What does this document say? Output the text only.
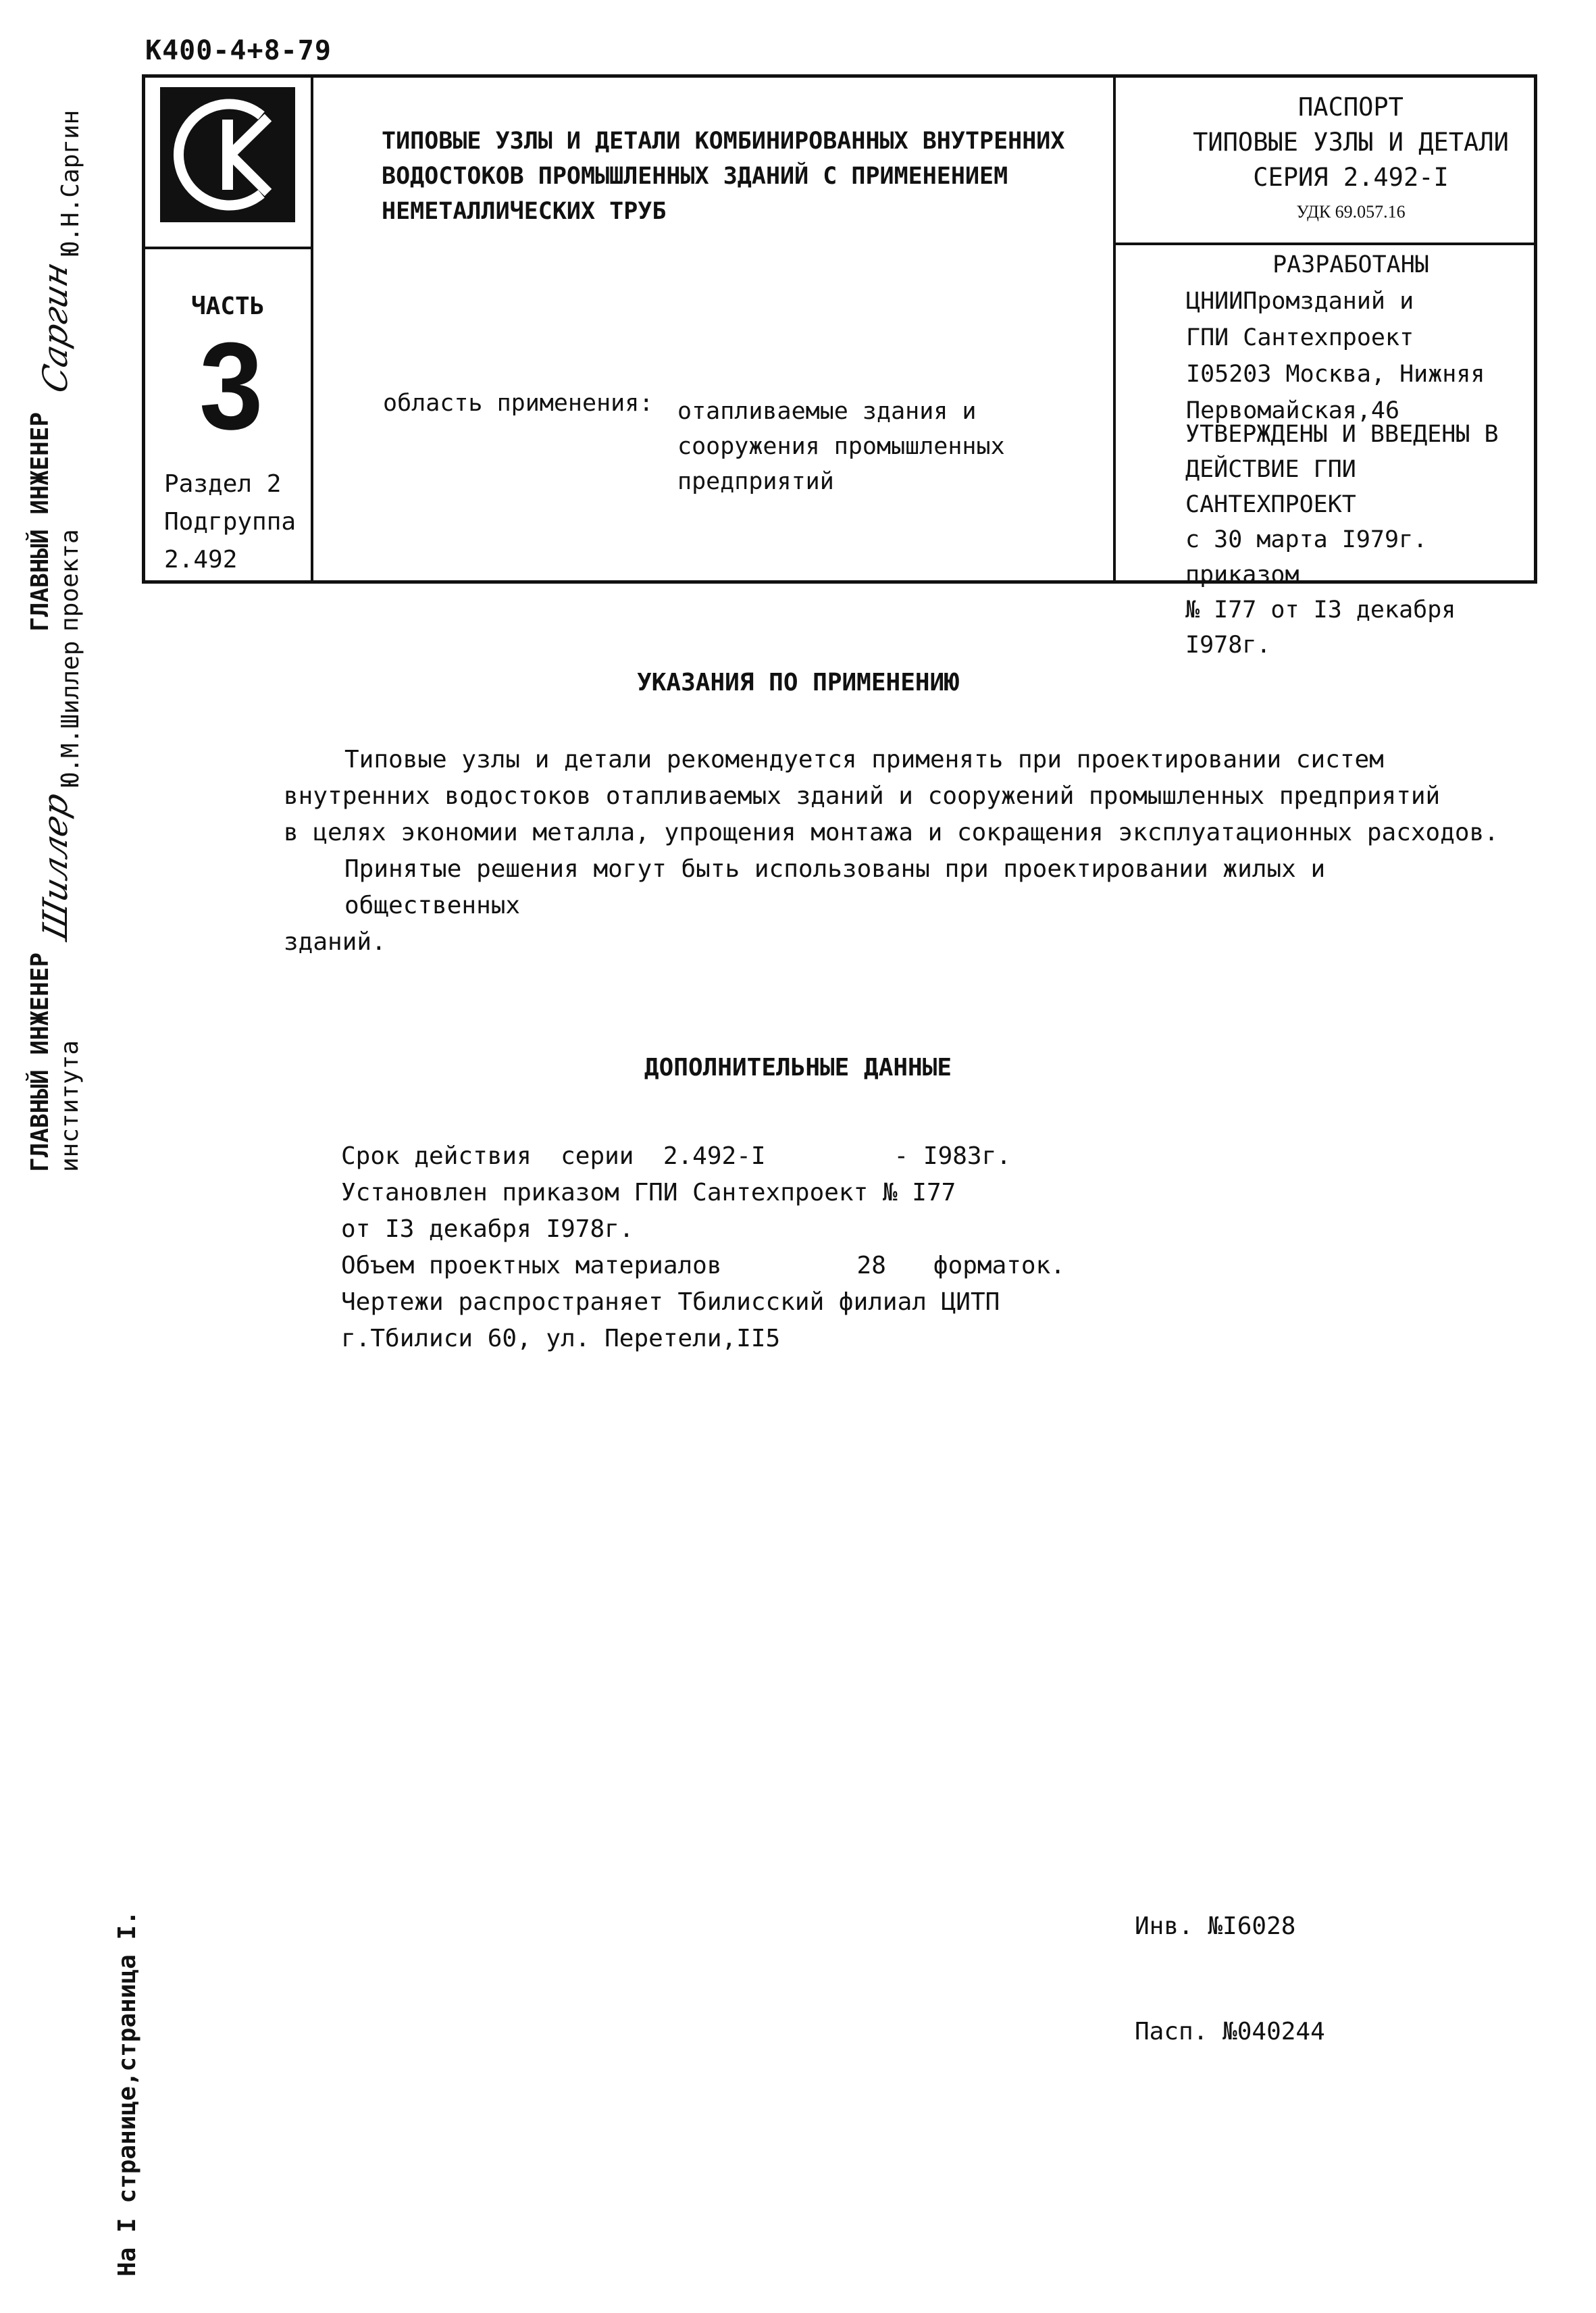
К400-4+8-79
ЧАСТЬ
3
Раздел 2
Подгруппа
2.492
ТИПОВЫЕ УЗЛЫ И ДЕТАЛИ КОМБИНИРОВАННЫХ ВНУТРЕННИХ
ВОДОСТОКОВ ПРОМЫШЛЕННЫХ ЗДАНИЙ С ПРИМЕНЕНИЕМ
НЕМЕТАЛЛИЧЕСКИХ ТРУБ
область применения: отапливаемые здания и
сооружения промышленных
предприятий
ПАСПОРТ
ТИПОВЫЕ УЗЛЫ И ДЕТАЛИ
СЕРИЯ 2.492-I
УДК 69.057.16
РАЗРАБОТАНЫ
ЦНИИПромзданий и
ГПИ Сантехпроект
I05203 Москва, Нижняя
Первомайская,46
УТВЕРЖДЕНЫ И ВВЕДЕНЫ В
ДЕЙСТВИЕ ГПИ САНТЕХПРОЕКТ
с 30 марта I979г. приказом
№ I77 от I3 декабря I978г.
ГЛАВНЫЙ ИНЖЕНЕР проекта
Саргин
Ю.Н.Саргин
ГЛАВНЫЙ ИНЖЕНЕР института
Шиллер
Ю.М.Шиллер
На I странице,страница I.
УКАЗАНИЯ ПО ПРИМЕНЕНИЮ

Типовые узлы и детали рекомендуется применять при проектировании систем

внутренних водостоков отапливаемых зданий и сооружений промышленных предприятий

в целях экономии металла, упрощения монтажа и сокращения эксплуатационных расходов.

Принятые решения могут быть использованы при проектировании жилых и общественных

зданий.

ДОПОЛНИТЕЛЬНЫЕ ДАННЫЕ
Срок действия  серии  2.492-I	- I983г.
Установлен приказом ГПИ Сантехпроект № I77
от I3 декабря I978г.
Объем проектных материалов	28 форматок.
Чертежи распространяет Тбилисский филиал ЦИТП
г.Тбилиси 60, ул. Перетели,II5

Инв. №I6028

Пасп. №040244
